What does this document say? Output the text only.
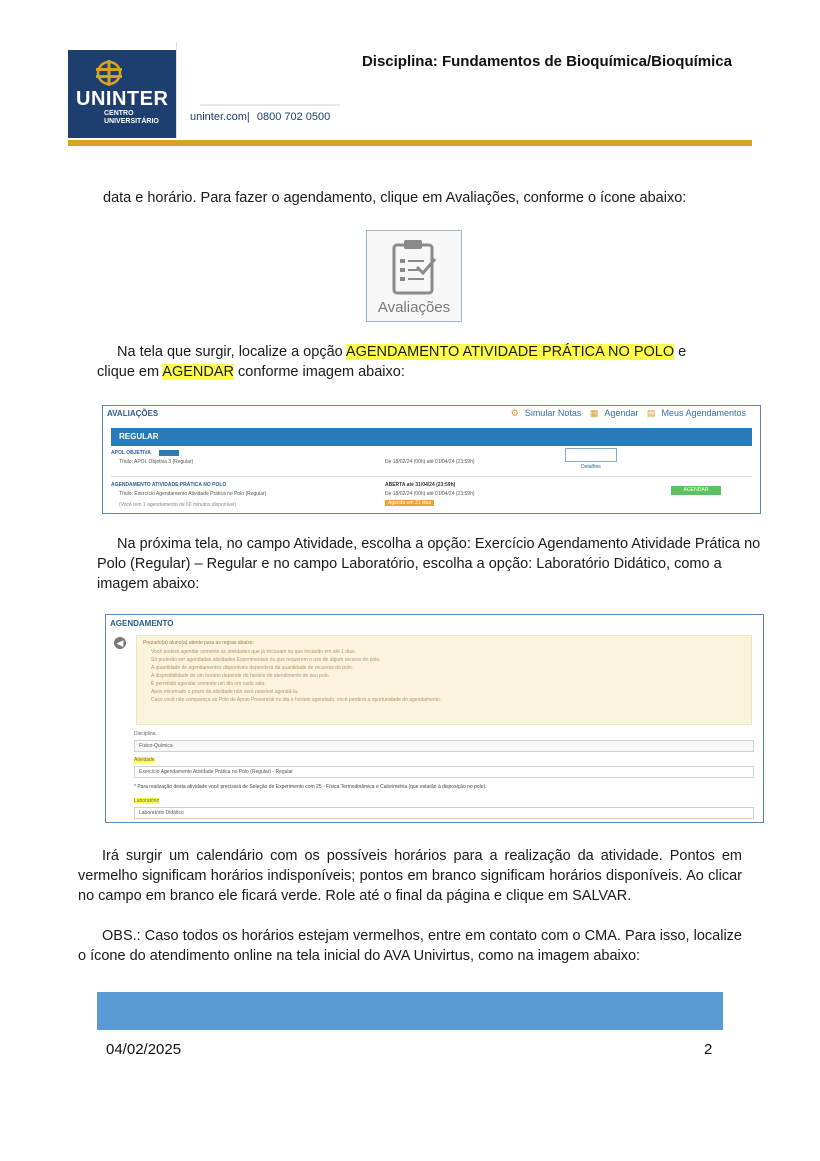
UNINTER
CENTRO UNIVERSITÁRIO	uninter.com|0800 702 0500
Disciplina: Fundamentos de Bioquímica/Bioquímica
data e horário. Para fazer o agendamento, clique em Avaliações, conforme o ícone abaixo:
Avaliações
Na tela que surgir, localize a opção AGENDAMENTO ATIVIDADE PRÁTICA NO POLO e
clique em AGENDAR conforme imagem abaixo:
AVALIAÇÕES	⚙ Simular Notas ▦ Agendar ▤ Meus Agendamentos
REGULAR
APOL OBJETIVA
Título: APOL Objetiva 3 (Regular)	De 18/02/24 (00h) até 01/04/24 (23:59h)
Detalhes
AGENDAMENTO ATIVIDADE PRÁTICA NO POLO
Título: Exercício Agendamento Atividade Prática no Polo (Regular)
(Você tem 1 agendamento de 60 minutos disponível)
ABERTA até 31/04/24 (23:59h)
De 18/02/24 (00h) até 01/04/24 (23:59h)
Agenda em 21 dias
AGENDAR
Na próxima tela, no campo Atividade, escolha a opção: Exercício Agendamento Atividade Prática no Polo (Regular) – Regular e no campo Laboratório, escolha a opção: Laboratório Didático, como a imagem abaixo:
AGENDAMENTO
◀	Prezado(a) aluno(a) atente para as regras abaixo:
Você poderá agendar somente as atividades que já iniciaram ou que iniciarão em até 1 dias.
Só poderão ser agendadas atividades Experimentais ou que requerem o uso de algum recurso do polo.
A quantidade de agendamentos disponíveis dependerá da quantidade de recursos do polo.
A disponibilidade de um horário depende do horário de atendimento do seu polo.
É permitido agendar somente um dia em cada sala.
Após encerrado o prazo da atividade não será possível agendá-la.
Caso você não compareça ao Polo de Apoio Presencial no dia e horário agendado, você perderá a oportunidade do agendamento.
Disciplina
Físico-Química
Atividade
Exercício Agendamento Atividade Prática no Polo (Regular) - Regular
* Para realização desta atividade você precisará de Seleção de Experimento com 25 - Física Termodinâmica e Calorimetria (que estarão à disposição no polo).
Laboratório
Laboratório Didático
Irá surgir um calendário com os possíveis horários para a realização da atividade. Pontos em vermelho significam horários indisponíveis; pontos em branco significam horários disponíveis. Ao clicar no campo em branco ele ficará verde. Role até o final da página e clique em SALVAR.
OBS.: Caso todos os horários estejam vermelhos, entre em contato com o CMA. Para isso, localize o ícone do atendimento online na tela inicial do AVA Univirtus, como na imagem abaixo:
04/02/2025	2
